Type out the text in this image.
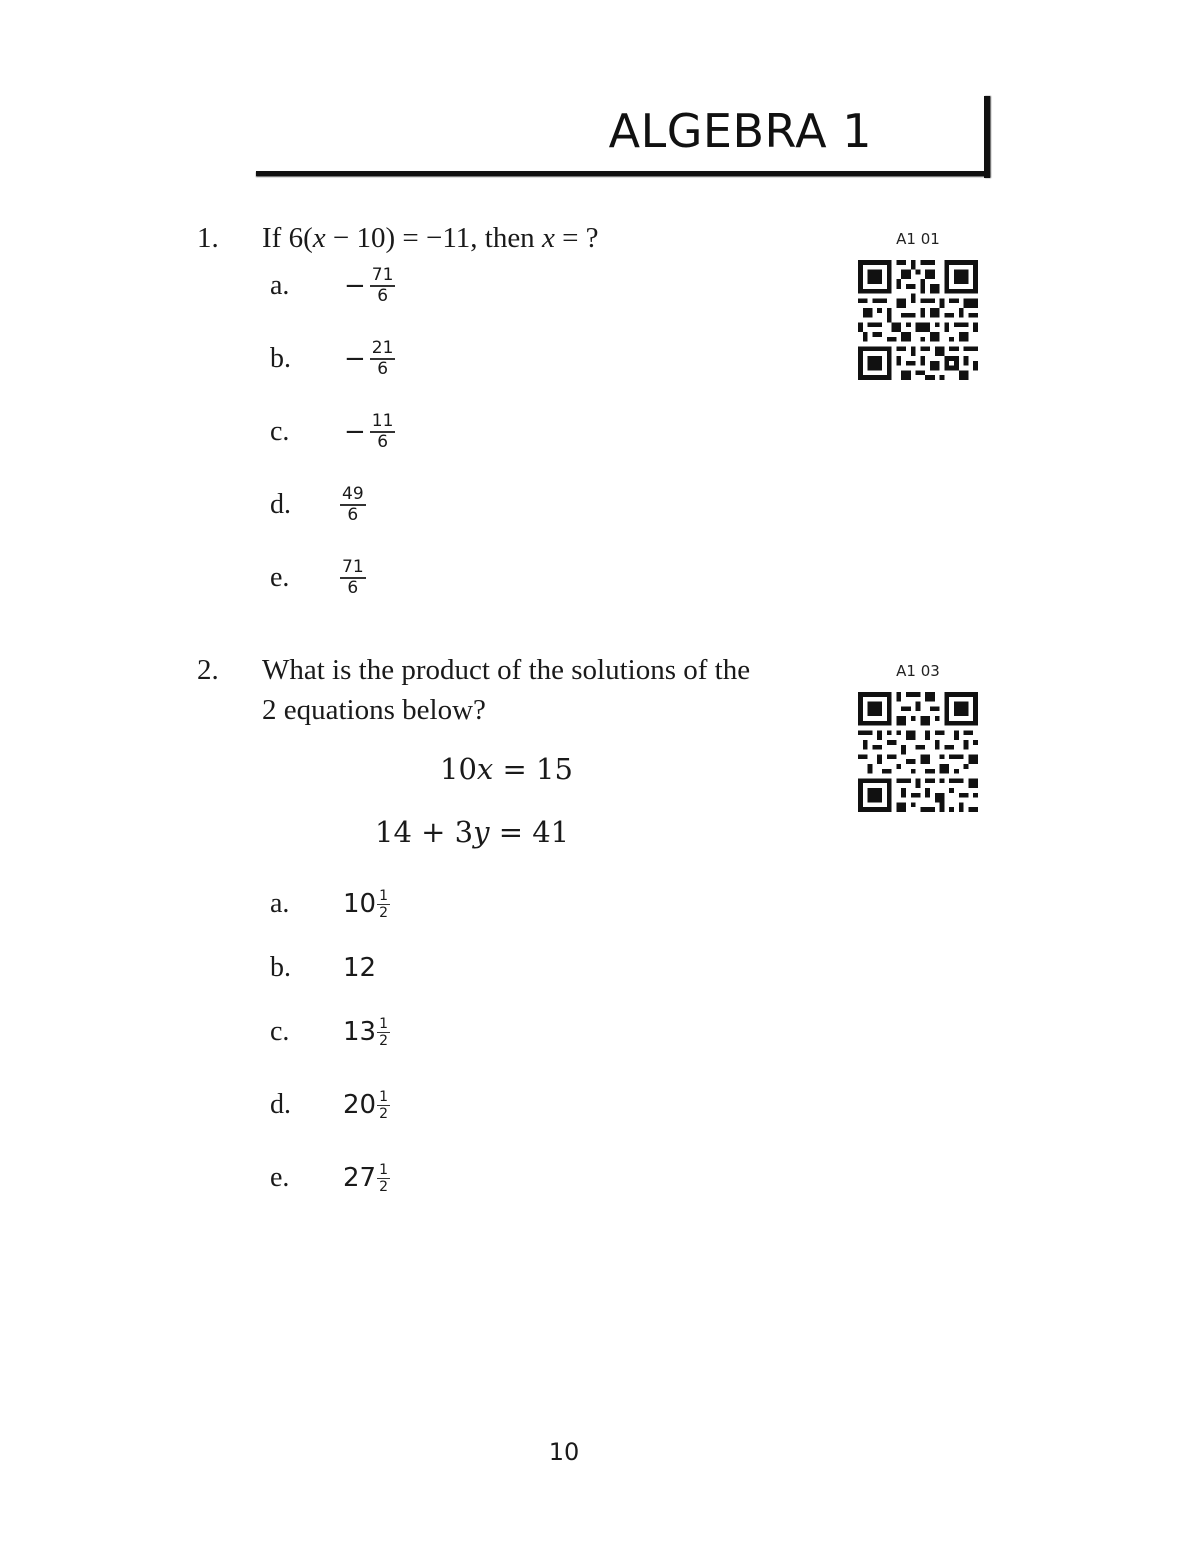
ALGEBRA 1
1. If 6(x − 10) = −11, then x = ?
a. − $\frac{71}{6}$
b. − $\frac{21}{6}$
c. − $\frac{11}{6}$
d.	$\frac{49}{6}$
e.	$\frac{71}{6}$
A1 01
2. What is the product of the solutions of the
2 equations below?
10x = 15
14 + 3y = 41
a. $10 \frac{1}{2}$
b. 12
c. $13 \frac{1}{2}$
d. $20 \frac{1}{2}$
e. $27 \frac{1}{2}$
A1 03
10
